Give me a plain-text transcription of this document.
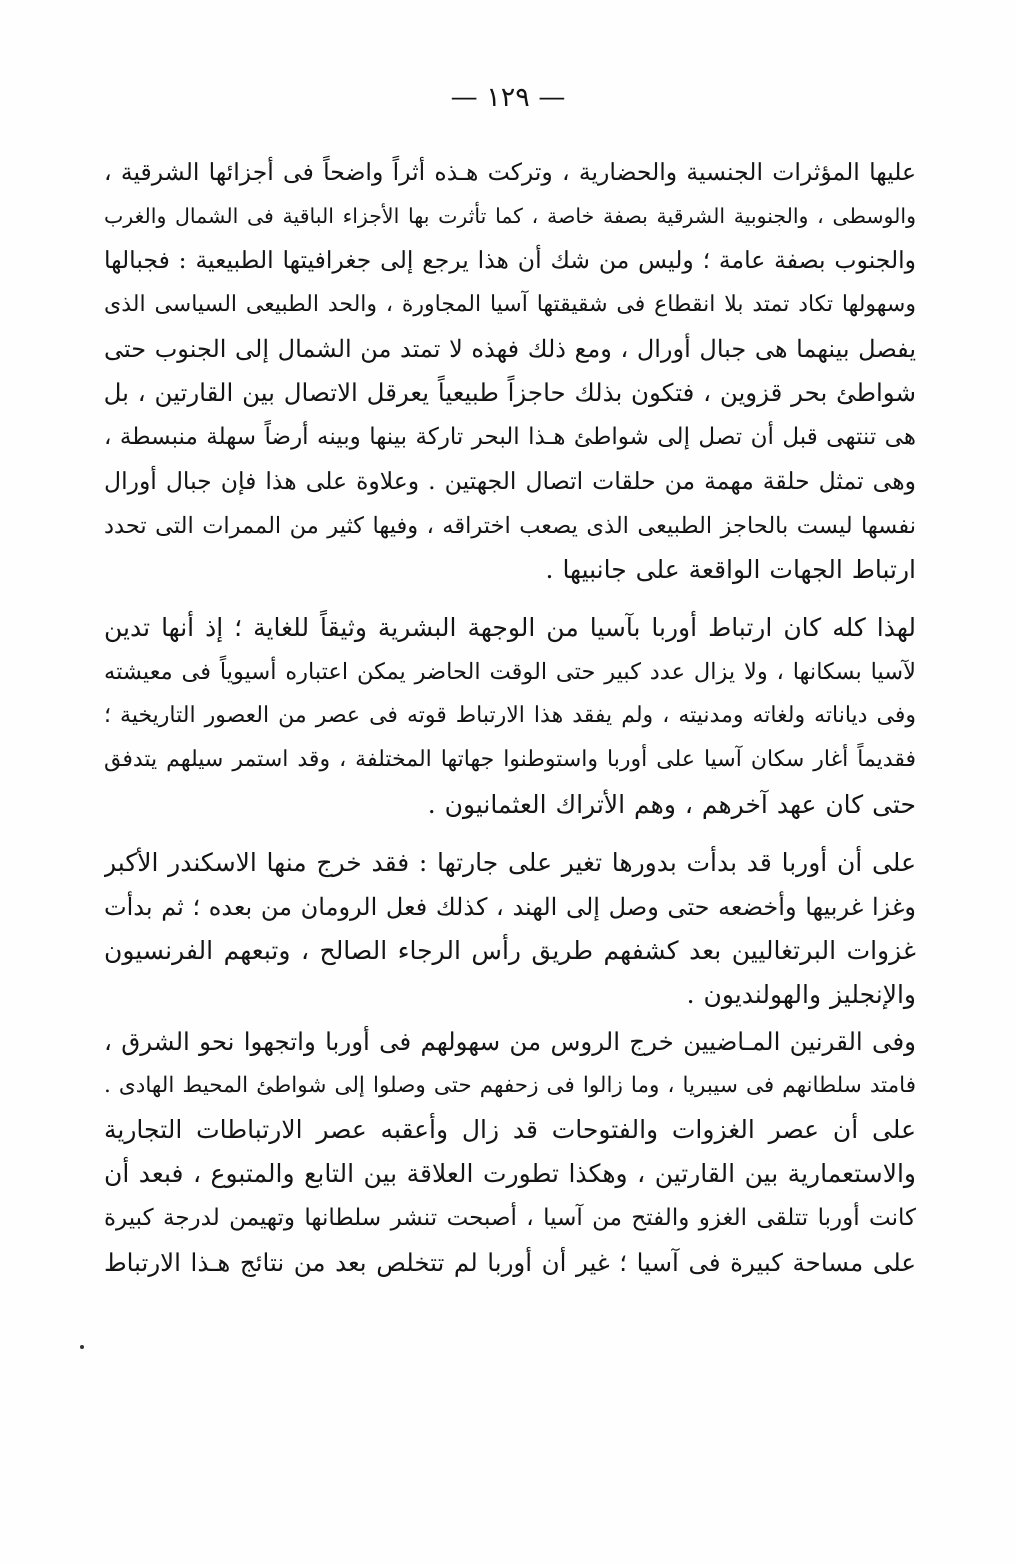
— ١٢٩ —
عليها المؤثرات الجنسية والحضارية ، وتركت هـذه أثراً واضحاً فى أجزائها الشرقية ،
والوسطى ، والجنوبية الشرقية بصفة خاصة ، كما تأثرت بها الأجزاء الباقية فى الشمال والغرب
والجنوب بصفة عامة ؛ وليس من شك أن هذا يرجع إلى جغرافيتها الطبيعية : فجبالها
وسهولها تكاد تمتد بلا انقطاع فى شقيقتها آسيا المجاورة ، والحد الطبيعى السياسى الذى
يفصل بينهما هى جبال أورال ، ومع ذلك فهذه لا تمتد من الشمال إلى الجنوب حتى
شواطئ بحر قزوين ، فتكون بذلك حاجزاً طبيعياً يعرقل الاتصال بين القارتين ، بل
هى تنتهى قبل أن تصل إلى شواطئ هـذا البحر تاركة بينها وبينه أرضاً سهلة منبسطة ،
وهى تمثل حلقة مهمة من حلقات اتصال الجهتين . وعلاوة على هذا فإن جبال أورال
نفسها ليست بالحاجز الطبيعى الذى يصعب اختراقه ، وفيها كثير من الممرات التى تحدد
ارتباط الجهات الواقعة على جانبيها .
لهذا كله كان ارتباط أوربا بآسيا من الوجهة البشرية وثيقاً للغاية ؛ إذ أنها تدين
لآسيا بسكانها ، ولا يزال عدد كبير حتى الوقت الحاضر يمكن اعتباره أسيوياً فى معيشته
وفى دياناته ولغاته ومدنيته ، ولم يفقد هذا الارتباط قوته فى عصر من العصور التاريخية ؛
فقديماً أغار سكان آسيا على أوربا واستوطنوا جهاتها المختلفة ، وقد استمر سيلهم يتدفق
حتى كان عهد آخرهم ، وهم الأتراك العثمانيون .
على أن أوربا قد بدأت بدورها تغير على جارتها : فقد خرج منها الاسكندر الأكبر
وغزا غربيها وأخضعه حتى وصل إلى الهند ، كذلك فعل الرومان من بعده ؛ ثم بدأت
غزوات البرتغاليين بعد كشفهم طريق رأس الرجاء الصالح ، وتبعهم الفرنسيون
والإنجليز والهولنديون .
وفى القرنين المـاضيين خرج الروس من سهولهم فى أوربا واتجهوا نحو الشرق ،
فامتد سلطانهم فى سيبريا ، وما زالوا فى زحفهم حتى وصلوا إلى شواطئ المحيط الهادى .
على أن عصر الغزوات والفتوحات قد زال وأعقبه عصر الارتباطات التجارية
والاستعمارية بين القارتين ، وهكذا تطورت العلاقة بين التابع والمتبوع ، فبعد أن
كانت أوربا تتلقى الغزو والفتح من آسيا ، أصبحت تنشر سلطانها وتهيمن لدرجة كبيرة
على مساحة كبيرة فى آسيا ؛ غير أن أوربا لم تتخلص بعد من نتائج هـذا الارتباط
